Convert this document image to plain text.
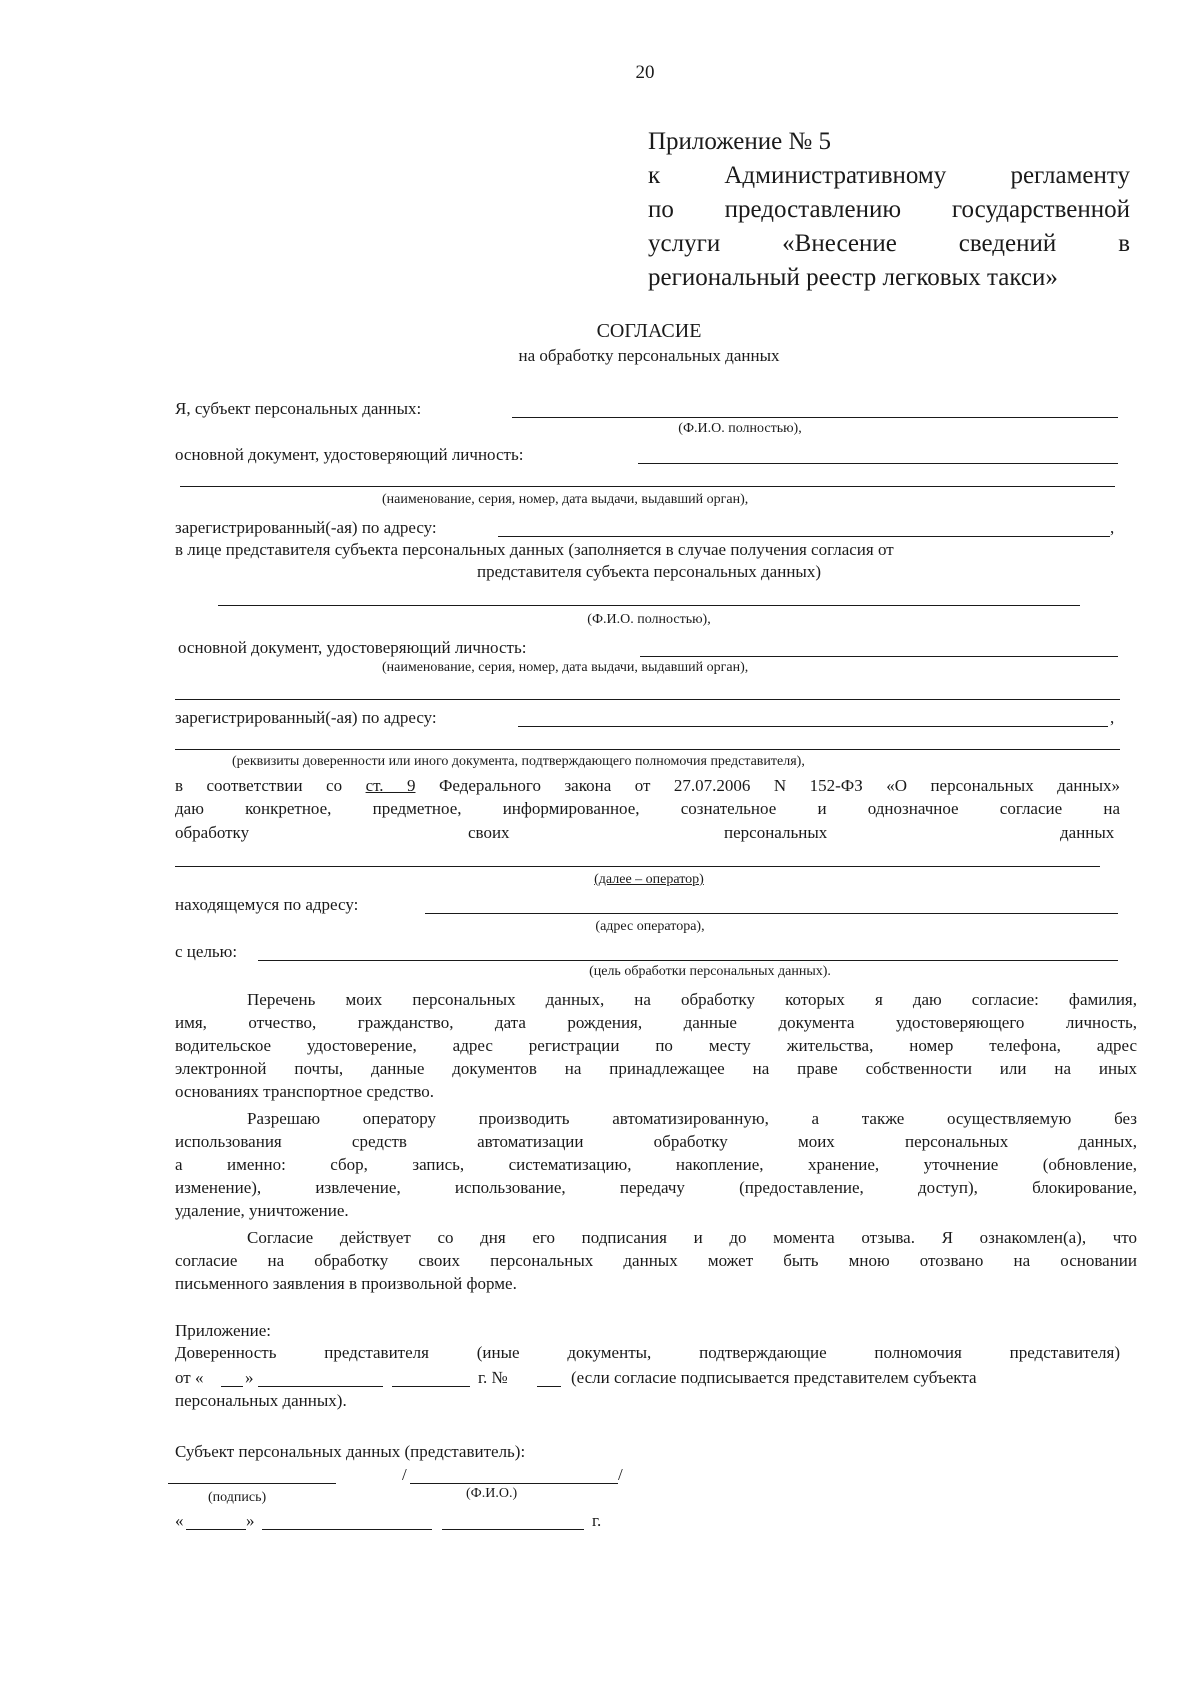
20
Приложение № 5
к Административному регламенту
по предоставлению государственной
услуги «Внесение сведений в
региональный реестр легковых такси»
СОГЛАСИЕ
на обработку персональных данных
Я, субъект персональных данных:
(Ф.И.О. полностью),
основной документ, удостоверяющий личность:
(наименование, серия, номер, дата выдачи, выдавший орган),
зарегистрированный(-ая) по адресу:	,
в лице представителя субъекта персональных данных (заполняется в случае получения согласия от
представителя субъекта персональных данных)
(Ф.И.О. полностью),
основной документ, удостоверяющий личность:
(наименование, серия, номер, дата выдачи, выдавший орган),
зарегистрированный(-ая) по адресу:	,
(реквизиты доверенности или иного документа, подтверждающего полномочия представителя),
в соответствии со ст. 9 Федерального закона от 27.07.2006 N 152-ФЗ «О персональных данных»
даю конкретное, предметное, информированное, сознательное и однозначное согласие на
обработку	своих	персональных	данных
(далее – оператор)
находящемуся по адресу:
(адрес оператора),
с целью:
(цель обработки персональных данных).
Перечень моих персональных данных, на обработку которых я даю согласие: фамилия,
имя, отчество, гражданство, дата рождения, данные документа удостоверяющего личность,
водительское удостоверение, адрес регистрации по месту жительства, номер телефона, адрес
электронной почты, данные документов на принадлежащее на праве собственности или на иных
основаниях транспортное средство.
Разрешаю оператору производить автоматизированную, а также осуществляемую без
использования средств автоматизации обработку моих персональных данных,
а именно: сбор, запись, систематизацию, накопление, хранение, уточнение (обновление,
изменение), извлечение, использование, передачу (предоставление, доступ), блокирование,
удаление, уничтожение.
Согласие действует со дня его подписания и до момента отзыва. Я ознакомлен(а), что
согласие на обработку своих персональных данных может быть мною отозвано на основании
письменного заявления в произвольной форме.
Приложение:
Доверенность представителя (иные документы, подтверждающие полномочия представителя)
от « »	г. №	(если согласие подписывается представителем субъекта
персональных данных).
Субъект персональных данных (представитель):
/	/
(подпись)	(Ф.И.О.)
«	»	г.
